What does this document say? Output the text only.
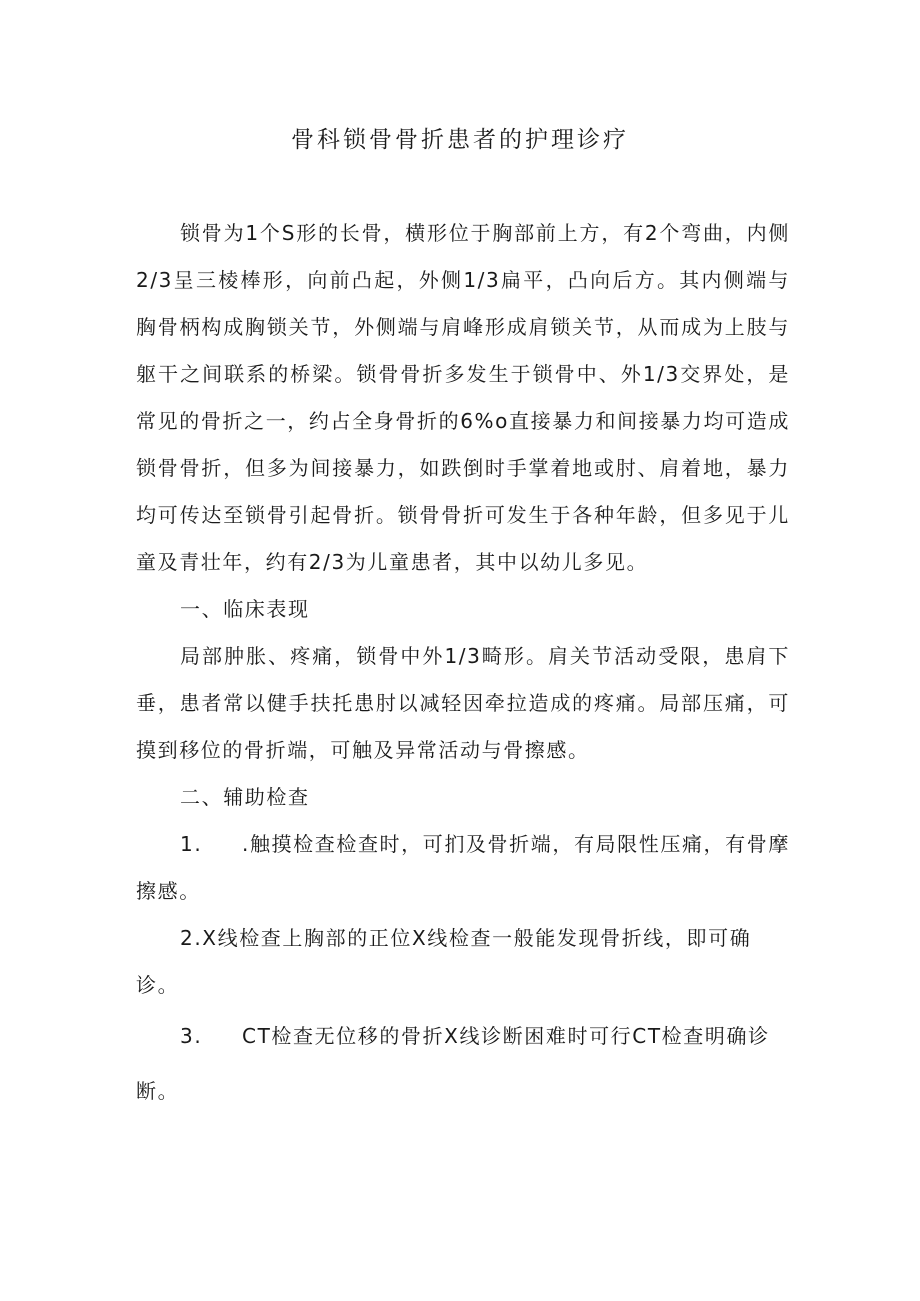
骨科锁骨骨折患者的护理诊疗

锁骨为1个S形的长骨，横形位于胸部前上方，有2个弯曲，内侧2/3呈三棱棒形，向前凸起，外侧1/3扁平，凸向后方。其内侧端与胸骨柄构成胸锁关节，外侧端与肩峰形成肩锁关节，从而成为上肢与躯干之间联系的桥梁。锁骨骨折多发生于锁骨中、外1/3交界处，是常见的骨折之一，约占全身骨折的6%o直接暴力和间接暴力均可造成锁骨骨折，但多为间接暴力，如跌倒时手掌着地或肘、肩着地，暴力均可传达至锁骨引起骨折。锁骨骨折可发生于各种年龄，但多见于儿童及青壮年，约有2/3为儿童患者，其中以幼儿多见。

一、临床表现

局部肿胀、疼痛，锁骨中外1/3畸形。肩关节活动受限，患肩下垂，患者常以健手扶托患肘以减轻因牵拉造成的疼痛。局部压痛，可摸到移位的骨折端，可触及异常活动与骨擦感。

二、辅助检查

1. .触摸检查检查时，可扪及骨折端，有局限性压痛，有骨摩擦感。

2.X线检查上胸部的正位X线检查一般能发现骨折线，即可确诊。

3. CT检查无位移的骨折X线诊断困难时可行CT检查明确诊断。
